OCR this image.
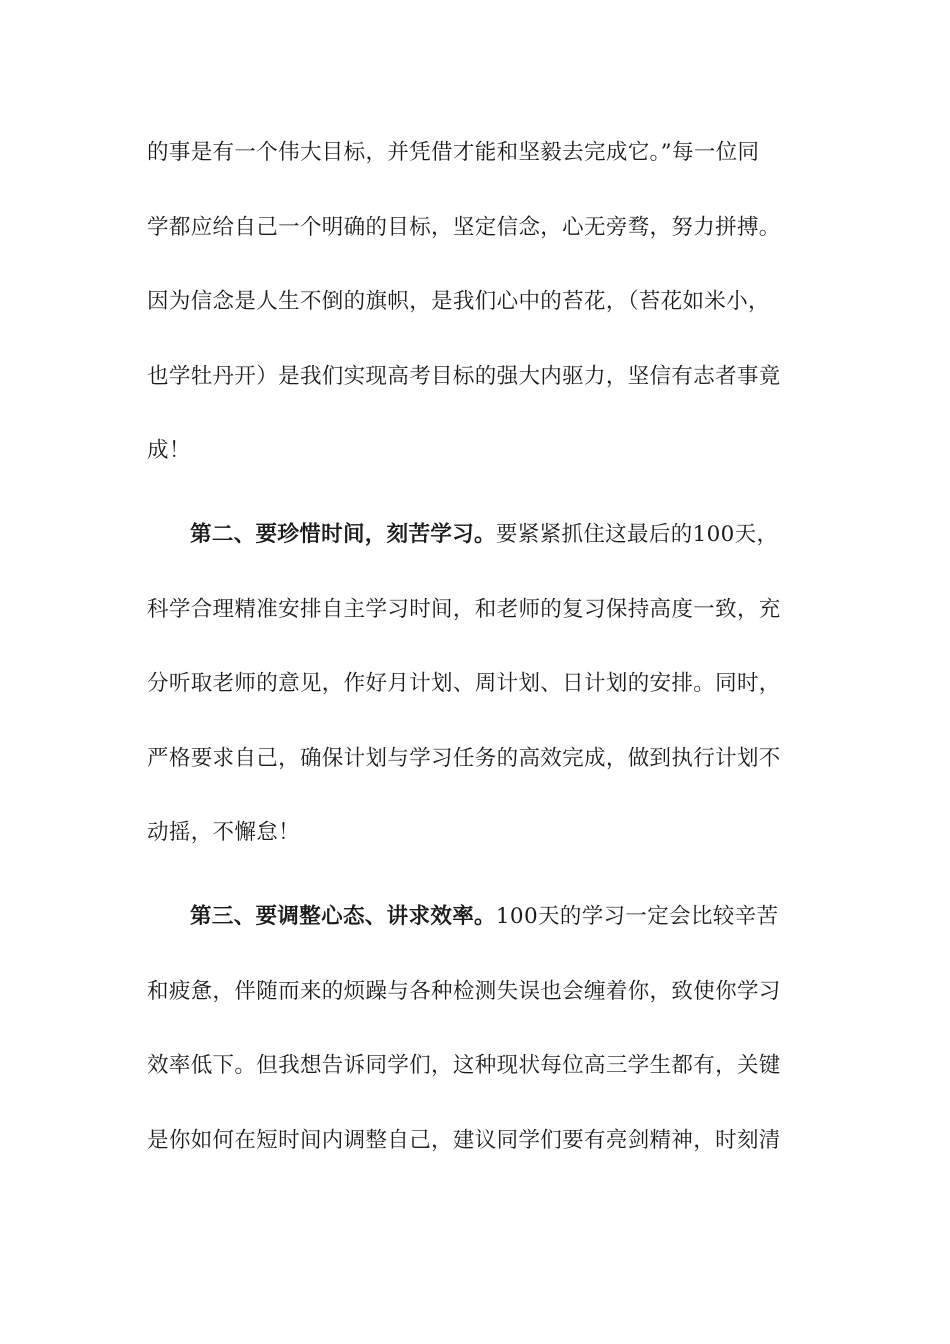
的事是有一个伟大目标，并凭借才能和坚毅去完成它。”每一位同
学都应给自己一个明确的目标，坚定信念，心无旁骛，努力拼搏。
因为信念是人生不倒的旗帜，是我们心中的苔花，（苔花如米小，
也学牡丹开）是我们实现高考目标的强大内驱力，坚信有志者事竟
成！
第二、要珍惜时间，刻苦学习。要紧紧抓住这最后的100天，
科学合理精准安排自主学习时间，和老师的复习保持高度一致，充
分听取老师的意见，作好月计划、周计划、日计划的安排。同时，
严格要求自己，确保计划与学习任务的高效完成，做到执行计划不
动摇，不懈怠！
第三、要调整心态、讲求效率。100天的学习一定会比较辛苦
和疲惫，伴随而来的烦躁与各种检测失误也会缠着你，致使你学习
效率低下。但我想告诉同学们，这种现状每位高三学生都有，关键
是你如何在短时间内调整自己，建议同学们要有亮剑精神，时刻清
